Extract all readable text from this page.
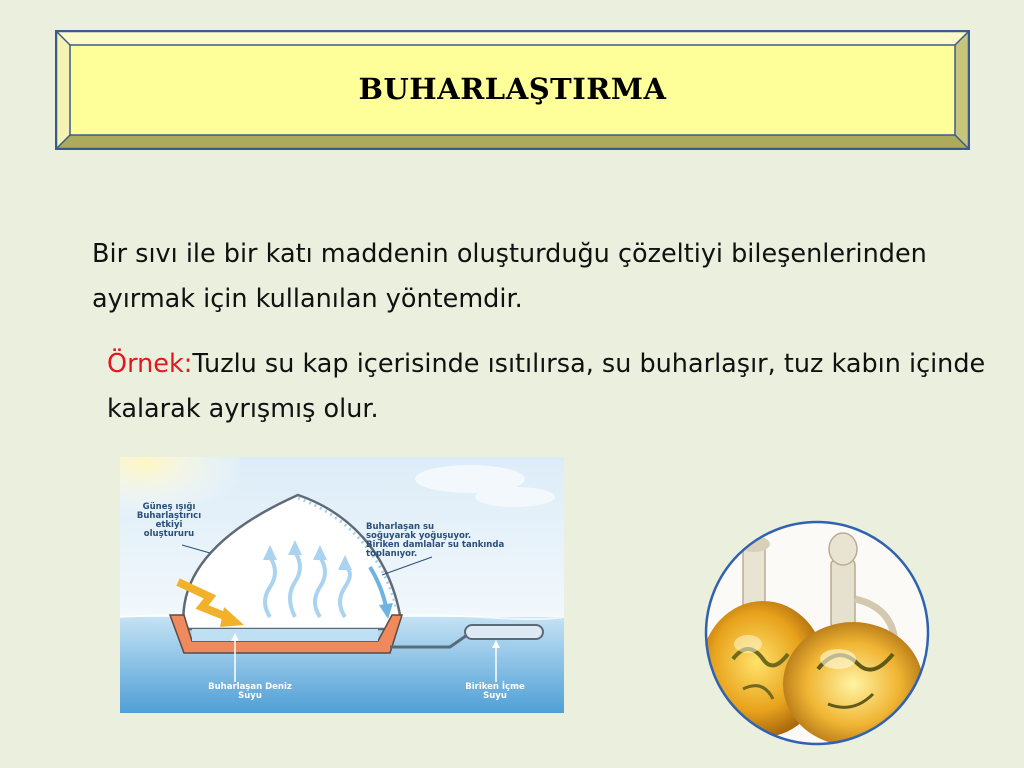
BUHARLAŞTIRMA
Bir sıvı ile bir katı maddenin oluşturduğu çözeltiyi bileşenlerinden ayırmak için kullanılan yöntemdir.
Örnek:Tuzlu su kap içerisinde ısıtılırsa, su buharlaşır, tuz kabın içinde kalarak ayrışmış olur.
Güneş ışığı
Buharlaştırıcı
etkiyi
oluştururu
Buharlaşan su
soğuyarak yoğuşuyor.
Biriken damlalar su tankında
toplanıyor.
Buharlaşan Deniz
Suyu
Biriken İçme
Suyu
